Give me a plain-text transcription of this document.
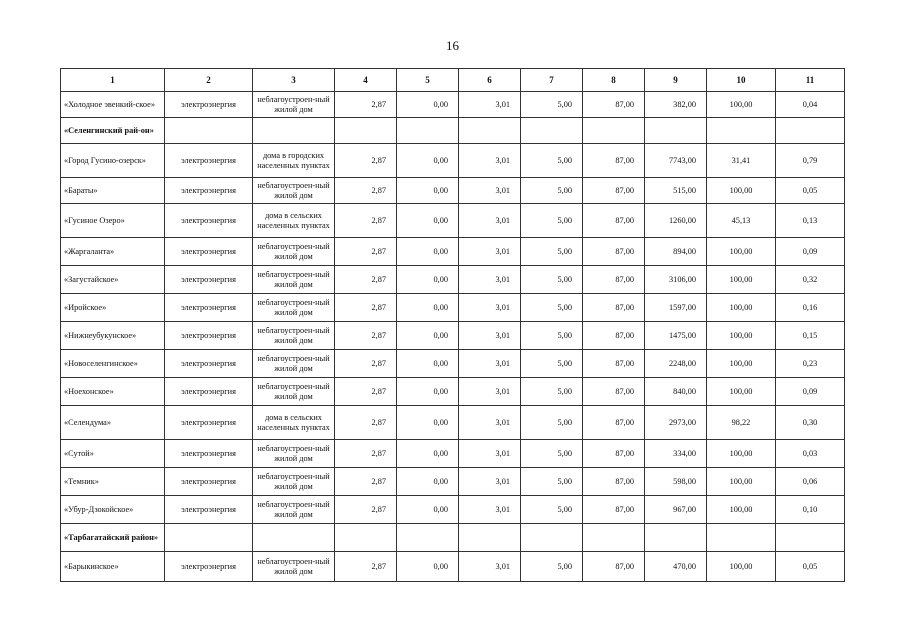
16
1	2	3	4	5	6	7	8	9	10	11
«Холодное эвенкий-ское»	электроэнергия	неблагоустроен-ный жилой дом	2,87	0,00	3,01	5,00	87,00	382,00	100,00	0,04
«Селенгинский рай-он»										
«Город Гусино-озерск»	электроэнергия	дома в городских населенных пунктах	2,87	0,00	3,01	5,00	87,00	7743,00	31,41	0,79
«Бараты»	электроэнергия	неблагоустроен-ный жилой дом	2,87	0,00	3,01	5,00	87,00	515,00	100,00	0,05
«Гусиное Озеро»	электроэнергия	дома в сельских населенных пунктах	2,87	0,00	3,01	5,00	87,00	1260,00	45,13	0,13
«Жаргаланта»	электроэнергия	неблагоустроен-ный жилой дом	2,87	0,00	3,01	5,00	87,00	894,00	100,00	0,09
«Загустайское»	электроэнергия	неблагоустроен-ный жилой дом	2,87	0,00	3,01	5,00	87,00	3106,00	100,00	0,32
«Иройское»	электроэнергия	неблагоустроен-ный жилой дом	2,87	0,00	3,01	5,00	87,00	1597,00	100,00	0,16
«Нижнеубукунское»	электроэнергия	неблагоустроен-ный жилой дом	2,87	0,00	3,01	5,00	87,00	1475,00	100,00	0,15
«Новоселенгинское»	электроэнергия	неблагоустроен-ный жилой дом	2,87	0,00	3,01	5,00	87,00	2248,00	100,00	0,23
«Ноехонское»	электроэнергия	неблагоустроен-ный жилой дом	2,87	0,00	3,01	5,00	87,00	840,00	100,00	0,09
«Селендума»	электроэнергия	дома в сельских населенных пунктах	2,87	0,00	3,01	5,00	87,00	2973,00	98,22	0,30
«Сутой»	электроэнергия	неблагоустроен-ный жилой дом	2,87	0,00	3,01	5,00	87,00	334,00	100,00	0,03
«Темник»	электроэнергия	неблагоустроен-ный жилой дом	2,87	0,00	3,01	5,00	87,00	598,00	100,00	0,06
«Убур-Дзокойское»	электроэнергия	неблагоустроен-ный жилой дом	2,87	0,00	3,01	5,00	87,00	967,00	100,00	0,10
«Тарбагатайский район»										
«Барыкинское»	электроэнергия	неблагоустроен-ный жилой дом	2,87	0,00	3,01	5,00	87,00	470,00	100,00	0,05
